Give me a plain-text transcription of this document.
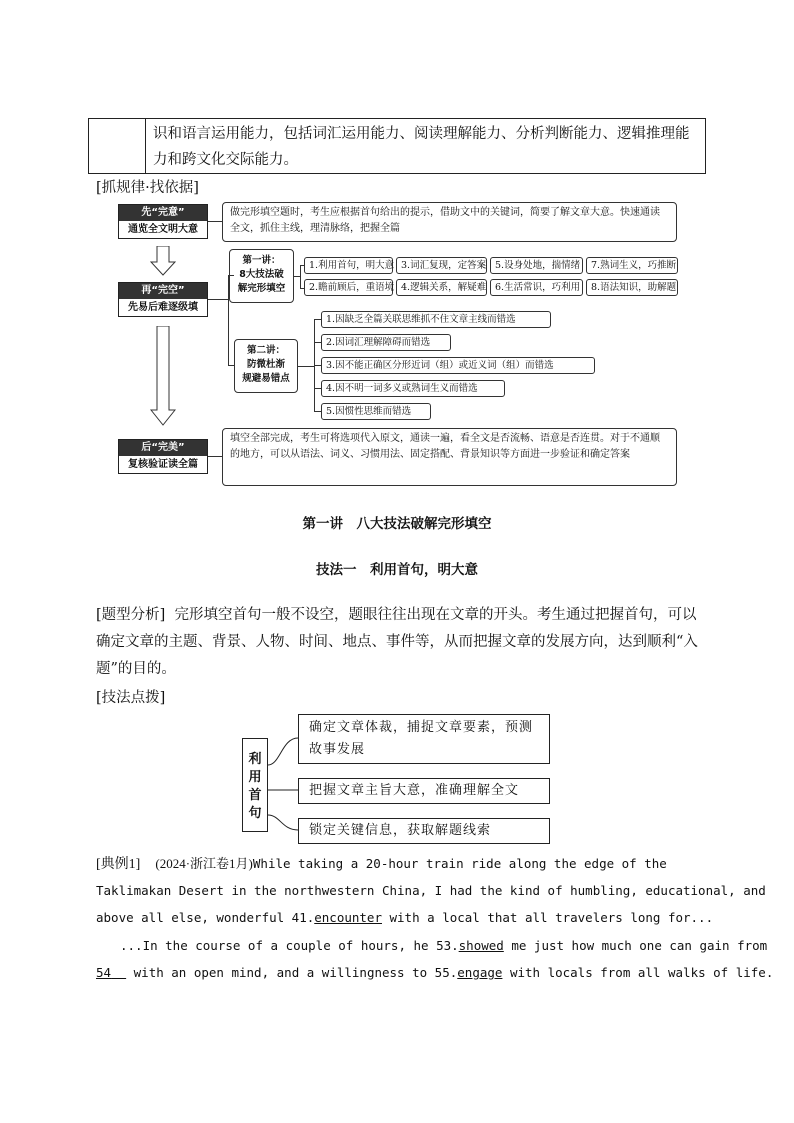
识和语言运用能力，包括词汇运用能力、阅读理解能力、分析判断能力、逻辑推理能力和跨文化交际能力。
[抓规律·找依据]
先“完意”
通览全文明大意
做完形填空题时，考生应根据首句给出的提示，借助文中的关键词，简要了解文章大意。快速通读全文，抓住主线，理清脉络，把握全篇
再“完空”
先易后难逐级填
第一讲：
8大技法破
解完形填空
1.利用首句，明大意 3.词汇复现，定答案 5.设身处地，揣情绪	7.熟词生义，巧推断
2.瞻前顾后，重语境 4.逻辑关系，解疑难 6.生活常识，巧利用	8.语法知识，助解题
第二讲：
防微杜渐
规避易错点
1.因缺乏全篇关联思维抓不住文章主线而错选
2.因词汇理解障碍而错选
3.因不能正确区分形近词（组）或近义词（组）而错选
4.因不明一词多义或熟词生义而错选
5.因惯性思维而错选
后“完美”
复核验证读全篇
填空全部完成，考生可将选项代入原文，通读一遍，看全文是否流畅、语意是否连贯。对于不通顺的地方，可以从语法、词义、习惯用法、固定搭配、背景知识等方面进一步验证和确定答案
第一讲　八大技法破解完形填空
技法一　利用首句，明大意
[题型分析] 完形填空首句一般不设空，题眼往往出现在文章的开头。考生通过把握首句，可以确定文章的主题、背景、人物、时间、地点、事件等，从而把握文章的发展方向，达到顺利“入题”的目的。
[技法点拨]
利
用
首
句
确定文章体裁，捕捉文章要素，预测故事发展
把握文章主旨大意，准确理解全文
锁定关键信息，获取解题线索
[典例1] (2024·浙江卷1月)While taking a 20-hour train ride along the edge of the
Taklimakan Desert in the northwestern China, I had the kind of humbling, educational, and
above all else, wonderful 41.encounter with a local that all travelers long for...
...In the course of a couple of hours, he 53.showed me just how much one can gain from
54   with an open mind, and a willingness to 55.engage with locals from all walks of life.
